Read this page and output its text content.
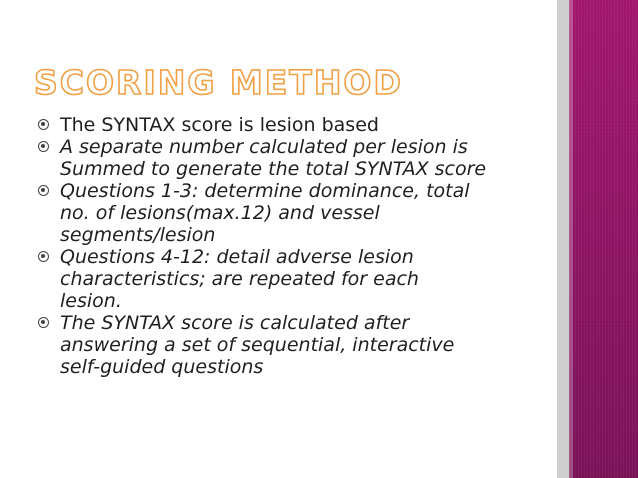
SCORING METHOD
The SYNTAX score is lesion based
A separate number calculated per lesion is
Summed to generate the total SYNTAX score
Questions 1-3: determine dominance, total
no. of lesions(max.12) and vessel
segments/lesion
Questions 4-12: detail adverse lesion
characteristics; are repeated for each
lesion.
The SYNTAX score is calculated after
answering a set of sequential, interactive
self-guided questions
